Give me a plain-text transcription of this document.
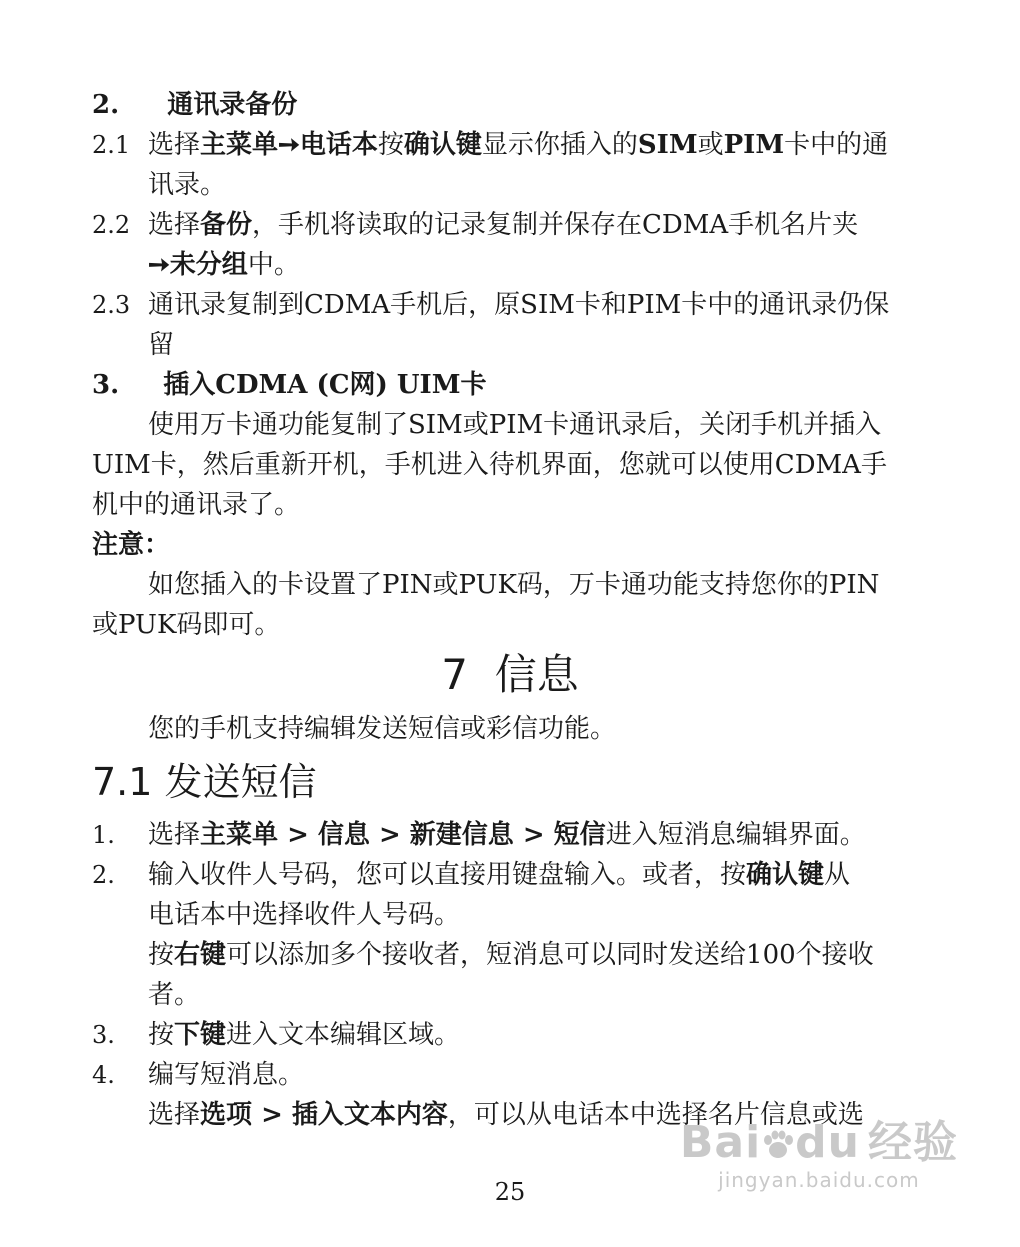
2. 通讯录备份
2.1 选择主菜单➙电话本按确认键显示你插入的SIM或PIM卡中的通
讯录。
2.2 选择备份，手机将读取的记录复制并保存在CDMA手机名片夹
➙未分组中。
2.3 通讯录复制到CDMA手机后，原SIM卡和PIM卡中的通讯录仍保
留
3. 插入CDMA (C网) UIM卡
使用万卡通功能复制了SIM或PIM卡通讯录后，关闭手机并插入
UIM卡，然后重新开机，手机进入待机界面，您就可以使用CDMA手
机中的通讯录了。
注意：
如您插入的卡设置了PIN或PUK码，万卡通功能支持您你的PIN
或PUK码即可。
7  信息
您的手机支持编辑发送短信或彩信功能。
7.1 发送短信
1. 选择主菜单 > 信息 > 新建信息 > 短信进入短消息编辑界面。
2. 输入收件人号码，您可以直接用键盘输入。或者，按确认键从
电话本中选择收件人号码。
按右键可以添加多个接收者，短消息可以同时发送给100个接收
者。
3. 按下键进入文本编辑区域。
4. 编写短消息。
选择选项 > 插入文本内容，可以从电话本中选择名片信息或选
Bai du 经验
jingyan.baidu.com
25
